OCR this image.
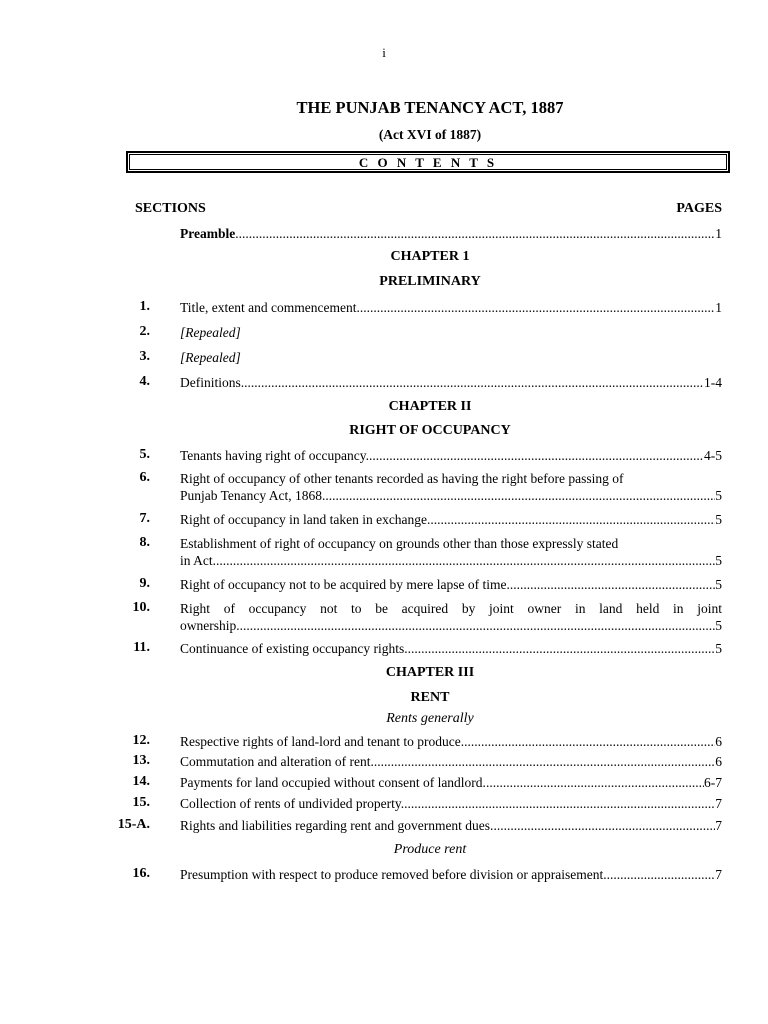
i
THE PUNJAB TENANCY ACT, 1887
(Act XVI of 1887)
C O N T E N T S
SECTIONS	PAGES
Preamble .....	1
CHAPTER 1
PRELIMINARY
1. Title, extent and commencement. .....	1
2. [Repealed]
3. [Repealed]
4. Definitions .....	1-4
CHAPTER II
RIGHT OF OCCUPANCY
5. Tenants having right of occupancy. .....	4-5
6. Right of occupancy of other tenants recorded as having the right before passing of
Punjab Tenancy Act, 1868. .....	5
7. Right of occupancy in land taken in exchange. .....	5
8. Establishment of right of occupancy on grounds other than those expressly stated
in Act. .....	5
9. Right of occupancy not to be acquired by mere lapse of time. .....	5
10. Right of occupancy not to be acquired by joint owner in land held in joint
ownership. .....	5
11. Continuance of existing occupancy rights. .....	5
CHAPTER III
RENT
Rents generally
12. Respective rights of land-lord and tenant to produce. .....	6
13. Commutation and alteration of rent. .....	6
14. Payments for land occupied without consent of landlord. .....	6-7
15. Collection of rents of undivided property. .....	7
15-A. Rights and liabilities regarding rent and government dues. .....	7
Produce rent
16. Presumption with respect to produce removed before division or appraisement. .....	7
